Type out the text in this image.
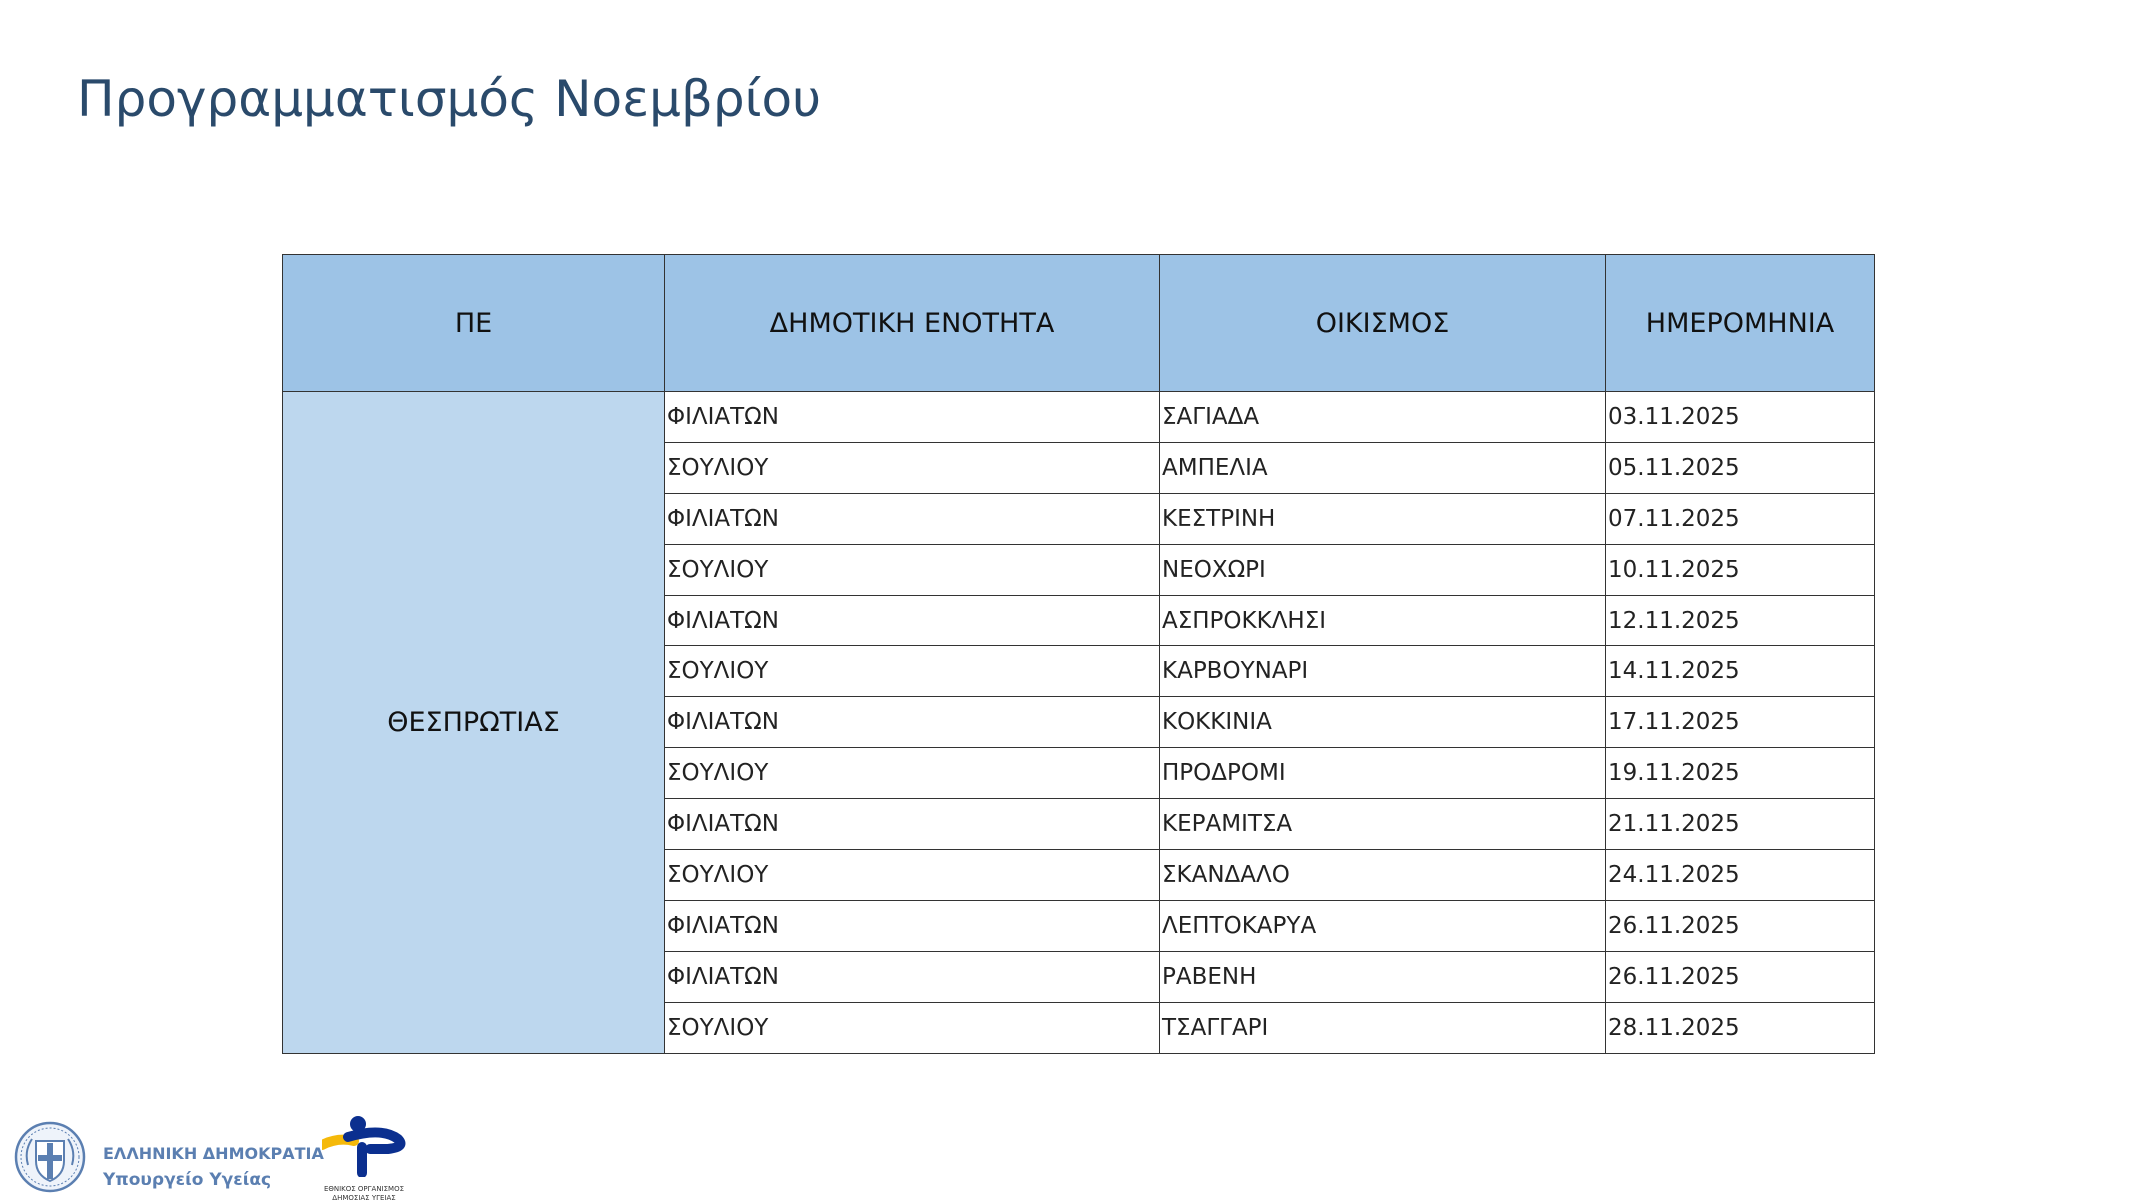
Προγραμματισμός Νοεμβρίου
ΠΕ	ΔΗΜΟΤΙΚΗ ΕΝΟΤΗΤΑ	ΟΙΚΙΣΜΟΣ	ΗΜΕΡΟΜΗΝΙΑ
ΘΕΣΠΡΩΤΙΑΣ	ΦΙΛΙΑΤΩΝ	ΣΑΓΙΑΔΑ	03.11.2025
	ΣΟΥΛΙΟΥ	ΑΜΠΕΛΙΑ	05.11.2025
	ΦΙΛΙΑΤΩΝ	ΚΕΣΤΡΙΝΗ	07.11.2025
	ΣΟΥΛΙΟΥ	ΝΕΟΧΩΡΙ	10.11.2025
	ΦΙΛΙΑΤΩΝ	ΑΣΠΡΟΚΚΛΗΣΙ	12.11.2025
	ΣΟΥΛΙΟΥ	ΚΑΡΒΟΥΝΑΡΙ	14.11.2025
	ΦΙΛΙΑΤΩΝ	ΚΟΚΚΙΝΙΑ	17.11.2025
	ΣΟΥΛΙΟΥ	ΠΡΟΔΡΟΜΙ	19.11.2025
	ΦΙΛΙΑΤΩΝ	ΚΕΡΑΜΙΤΣΑ	21.11.2025
	ΣΟΥΛΙΟΥ	ΣΚΑΝΔΑΛΟ	24.11.2025
	ΦΙΛΙΑΤΩΝ	ΛΕΠΤΟΚΑΡΥΑ	26.11.2025
	ΦΙΛΙΑΤΩΝ	ΡΑΒΕΝΗ	26.11.2025
	ΣΟΥΛΙΟΥ	ΤΣΑΓΓΑΡΙ	28.11.2025
ΕΛΛΗΝΙΚΗ ΔΗΜΟΚΡΑΤΙΑ
Υπουργείο Υγείας	ΕΘΝΙΚΟΣ ΟΡΓΑΝΙΣΜΟΣ
ΔΗΜΟΣΙΑΣ ΥΓΕΙΑΣ
